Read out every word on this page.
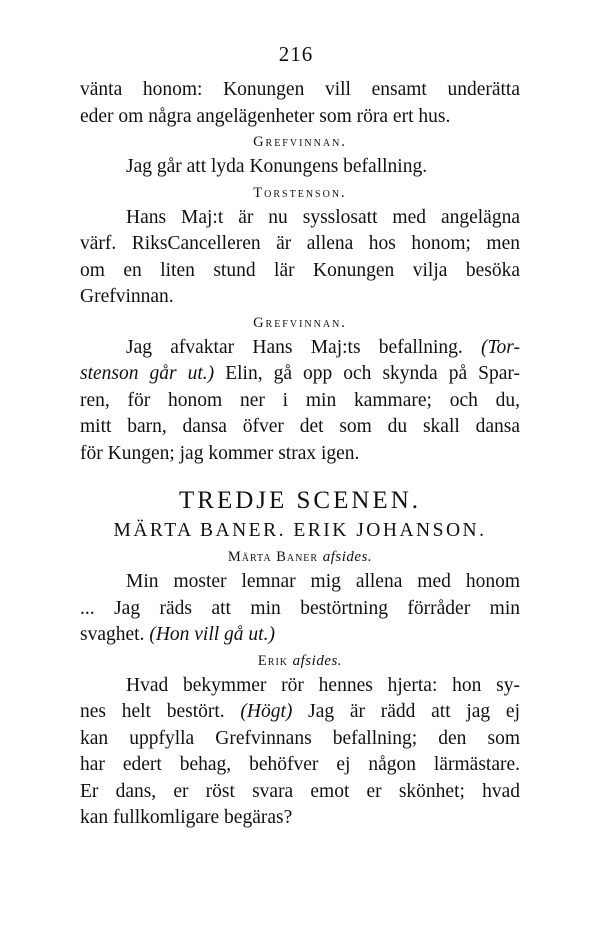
216
vänta honom: Konungen vill ensamt underätta
eder om några angelägenheter som röra ert hus.
Grefvinnan.
Jag går att lyda Konungens befallning.
Torstenson.
Hans Maj:t är nu sysslosatt med angelägna
värf. RiksCancelleren är allena hos honom; men
om en liten stund lär Konungen vilja besöka
Grefvinnan.
Grefvinnan.
Jag afvaktar Hans Maj:ts befallning. (Tor-
stenson går ut.) Elin, gå opp och skynda på Spar-
ren, för honom ner i min kammare; och du,
mitt barn, dansa öfver det som du skall dansa
för Kungen; jag kommer strax igen.
TREDJE SCENEN.
MÄRTA BANER. ERIK JOHANSON.
Märta Baner afsides.
Min moster lemnar mig allena med honom
... Jag räds att min bestörtning förråder min
svaghet. (Hon vill gå ut.)
Erik afsides.
Hvad bekymmer rör hennes hjerta: hon sy-
nes helt bestört. (Högt) Jag är rädd att jag ej
kan uppfylla Grefvinnans befallning; den som
har edert behag, behöfver ej någon lärmästare.
Er dans, er röst svara emot er skönhet; hvad
kan fullkomligare begäras?
